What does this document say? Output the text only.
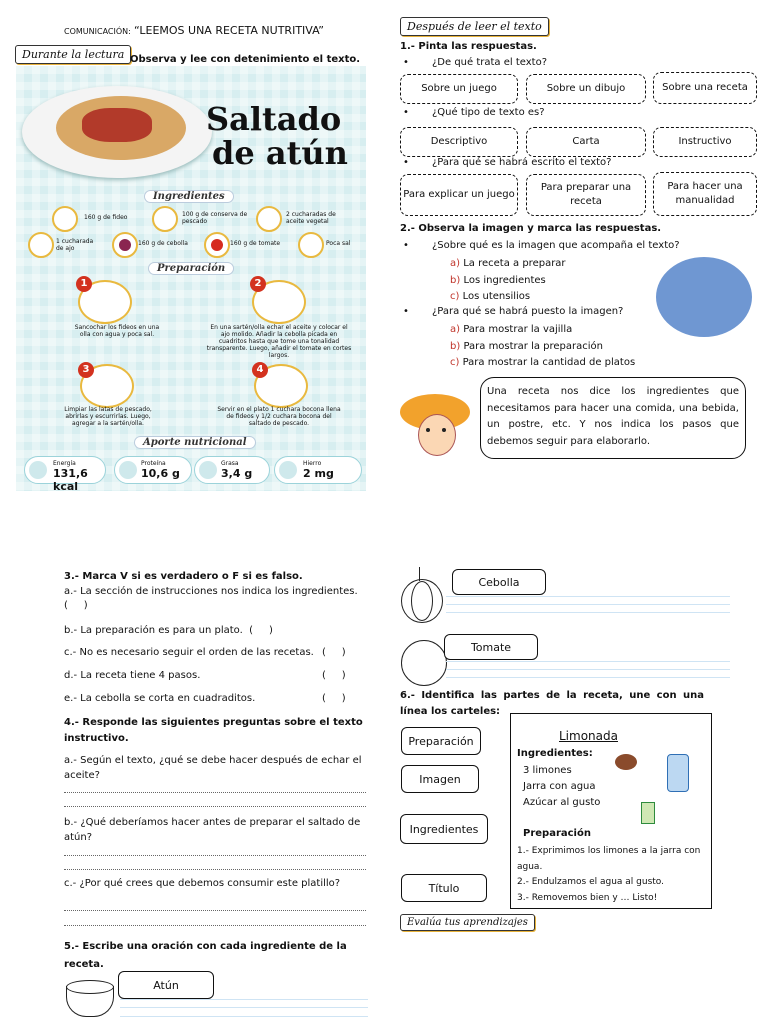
COMUNICACIÓN: “LEEMOS UNA RECETA NUTRITIVA”
Durante la lectura Observa y lee con detenimiento el texto.
Saltado
de atún
Ingredientes
160 g de fideo	100 g de conserva de pescado
2 cucharadas de aceite vegetal
1 cucharada de ajo
160 g de cebolla	160 g de tomate	Poca sal
Preparación
1
Sancochar los fideos en una olla con agua y poca sal.
2
En una sartén/olla echar el aceite y colocar el ajo molido. Añadir la cebolla picada en cuadritos hasta que tome una tonalidad transparente. Luego, añadir el tomate en cortes largos.
3
Limpiar las latas de pescado, abrirlas y escurrirlas. Luego, agregar a la sartén/olla.
4
Servir en el plato 1 cuchara bocona llena de fideos y 1/2 cuchara bocona del saltado de pescado.
Aporte nutricional
Energía
131,6 kcal
Proteína
10,6 g
Grasa
3,4 g
Hierro
2 mg
Después de leer el texto
1.- Pinta las respuestas.
• ¿De qué trata el texto?
Sobre un juego	Sobre un dibujo	Sobre una receta
• ¿Qué tipo de texto es?
Descriptivo	Carta	Instructivo
• ¿Para qué se habrá escrito el texto?
Para explicar un juego
Para preparar una receta
Para hacer una manualidad
2.- Observa la imagen y marca las respuestas.
• ¿Sobre qué es la imagen que acompaña el texto?
a) La receta a preparar
b) Los ingredientes
c) Los utensilios
• ¿Para qué se habrá puesto la imagen?
a) Para mostrar la vajilla
b) Para mostrar la preparación
c) Para mostrar la cantidad de platos
Una receta nos dice los ingredientes que necesitamos para hacer una comida, una bebida, un postre, etc. Y nos indica los pasos que debemos seguir para elaborarlo.
3.- Marca V si es verdadero o F si es falso.
a.- La sección de instrucciones nos indica los ingredientes.
(     )
b.- La preparación es para un plato.  (     )
c.- No es necesario seguir el orden de las recetas. (     )
d.- La receta tiene 4 pasos.	(     )
e.- La cebolla se corta en cuadraditos.	(     )
4.- Responde las siguientes preguntas sobre el texto instructivo.
a.- Según el texto, ¿qué se debe hacer después de echar el aceite?
b.- ¿Qué deberíamos hacer antes de preparar el saltado de atún?
c.- ¿Por qué crees que debemos consumir este platillo?
5.- Escribe una oración con cada ingrediente de la receta.
Atún
Cebolla
Tomate
6.- Identifica las partes de la receta, une con una línea los carteles:
Preparación
Imagen
Ingredientes
Título
Limonada
Ingredientes:
3 limones
Jarra con agua
Azúcar al gusto
Preparación
1.- Exprimimos los limones a la jarra con agua.
2.- Endulzamos el agua al gusto.
3.- Removemos bien y … Listo!
Evalúa tus aprendizajes
